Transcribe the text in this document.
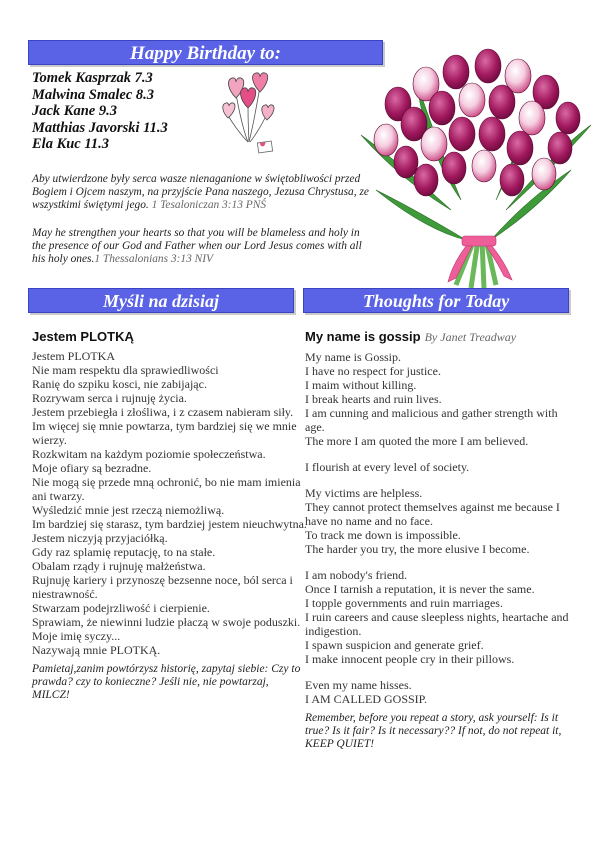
Happy Birthday to:
Tomek Kasprzak 7.3
Malwina Smalec 8.3
Jack Kane 9.3
Matthias Javorski 11.3
Ela Kuc 11.3
Aby utwierdzone były serca wasze nienaganione w świętobliwości przed Bogiem i Ojcem naszym, na przyjście Pana naszego, Jezusa Chrystusa, ze wszystkimi świętymi jego. 1 Tesaloniczan 3:13 PNŚ
May he strengthen your hearts so that you will be blameless and holy in the presence of our God and Father when our Lord Jesus comes with all his holy ones.1 Thessalonians 3:13 NIV
Myśli na dzisiaj	Thoughts for Today
Jestem PLOTKĄ
Jestem PLOTKA
Nie mam respektu dla sprawiedliwości
Ranię do szpiku kosci, nie zabijając.
Rozrywam serca i rujnuję życia.
Jestem przebiegła i złośliwa, i z czasem nabieram siły.
Im więcej się mnie powtarza, tym bardziej się we mnie wierzy.
Rozkwitam na każdym poziomie społeczeństwa.
Moje ofiary są bezradne.
Nie mogą się przede mną ochronić, bo nie mam imienia ani twarzy.
Wyśledzić mnie jest rzeczą niemożliwą.
Im bardziej się starasz, tym bardziej jestem nieuchwytna.
Jestem niczyją przyjaciółką.
Gdy raz splamię reputację, to na stałe.
Obalam rządy i rujnuję małżeństwa.
Rujnuję kariery i przynoszę bezsenne noce, ból serca i niestrawność.
Stwarzam podejrzliwość i cierpienie.
Sprawiam, że niewinni ludzie płaczą w swoje poduszki.
Moje imię syczy...
Nazywają mnie PLOTKĄ.
Pamietaj,zanim powtórzysz historię, zapytaj siebie: Czy to prawda? czy to konieczne? Jeśli nie, nie powtarzaj, MILCZ!
My name is gossip By Janet Treadway
My name is Gossip.
I have no respect for justice.
I maim without killing.
I break hearts and ruin lives.
I am cunning and malicious and gather strength with age.
The more I am quoted the more I am believed.
I flourish at every level of society.
My victims are helpless.
They cannot protect themselves against me because I have no name and no face.
To track me down is impossible.
The harder you try, the more elusive I become.
I am nobody's friend.
Once I tarnish a reputation, it is never the same.
I topple governments and ruin marriages.
I ruin careers and cause sleepless nights, heartache and indigestion.
I spawn suspicion and generate grief.
I make innocent people cry in their pillows.
Even my name hisses.
I AM CALLED GOSSIP.
Remember, before you repeat a story, ask yourself: Is it true? Is it fair? Is it necessary?? If not, do not repeat it, KEEP QUIET!
